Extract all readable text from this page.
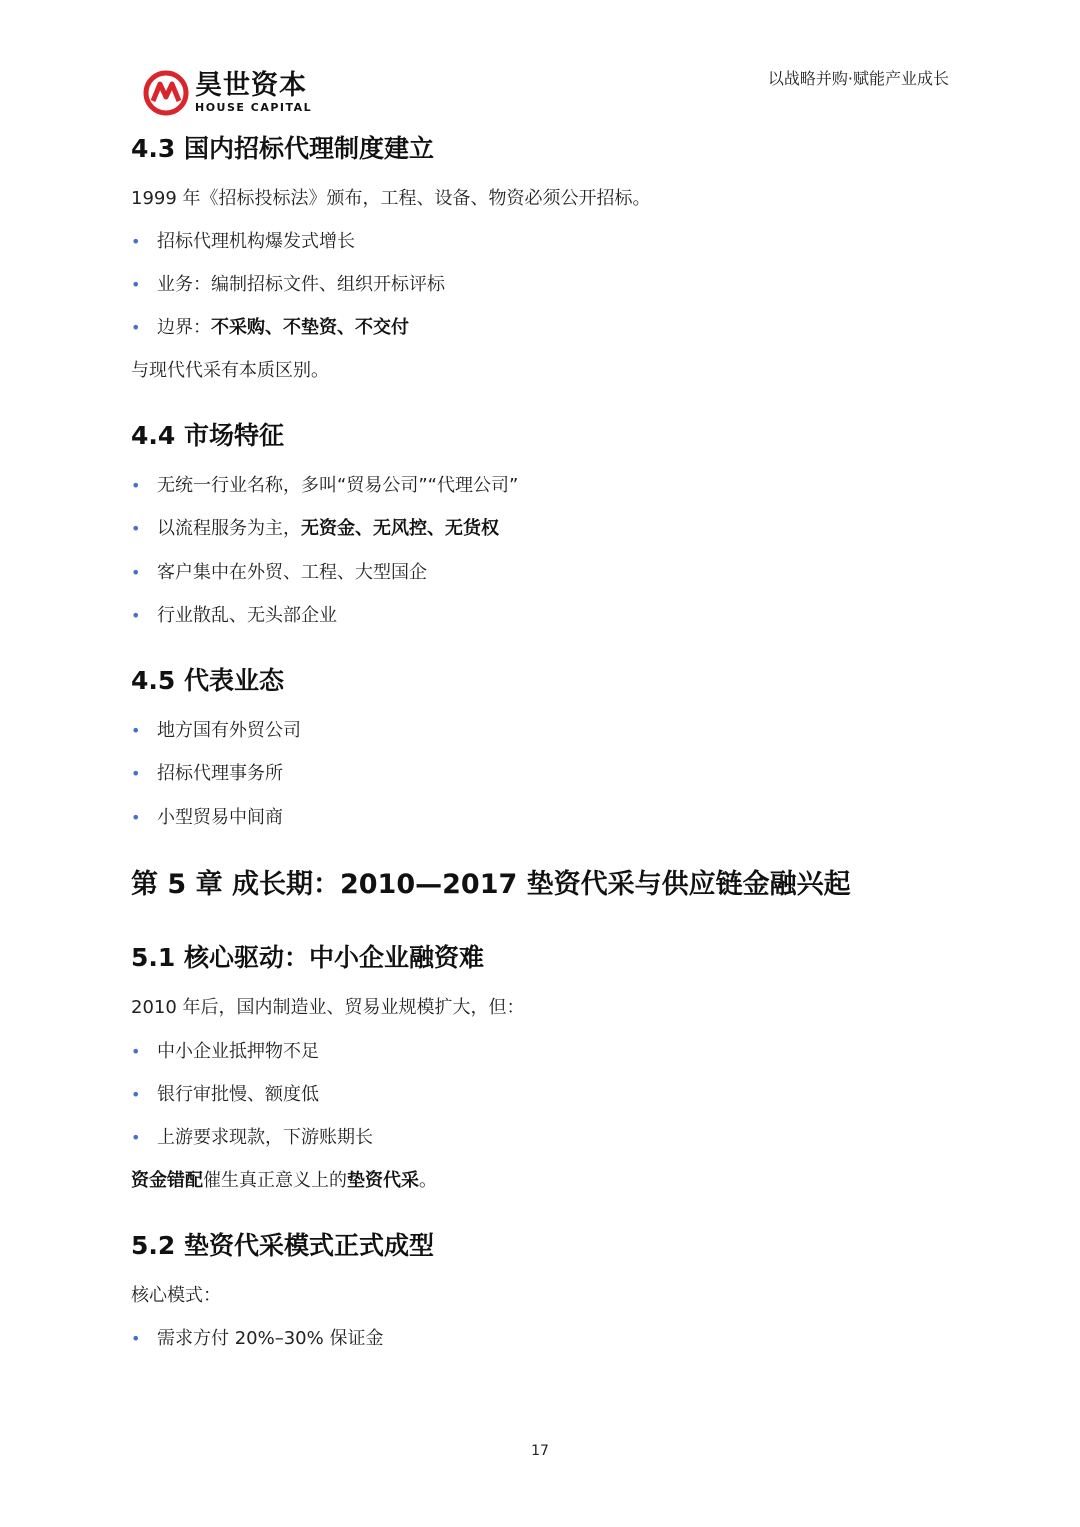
昊世资本
HOUSE CAPITAL
以战略并购·赋能产业成长
4.3 国内招标代理制度建立

1999 年《招标投标法》颁布，工程、设备、物资必须公开招标。

• 招标代理机构爆发式增长
• 业务：编制招标文件、组织开标评标
• 边界：不采购、不垫资、不交付

与现代代采有本质区别。

4.4 市场特征
• 无统一行业名称，多叫“贸易公司”“代理公司”
• 以流程服务为主，无资金、无风控、无货权
• 客户集中在外贸、工程、大型国企
• 行业散乱、无头部企业
4.5 代表业态
• 地方国有外贸公司
• 招标代理事务所
• 小型贸易中间商
第 5 章 成长期：2010—2017 垫资代采与供应链金融兴起
5.1 核心驱动：中小企业融资难

2010 年后，国内制造业、贸易业规模扩大，但：

• 中小企业抵押物不足
• 银行审批慢、额度低
• 上游要求现款，下游账期长

资金错配催生真正意义上的垫资代采。

5.2 垫资代采模式正式成型

核心模式：

• 需求方付 20%–30% 保证金
17
